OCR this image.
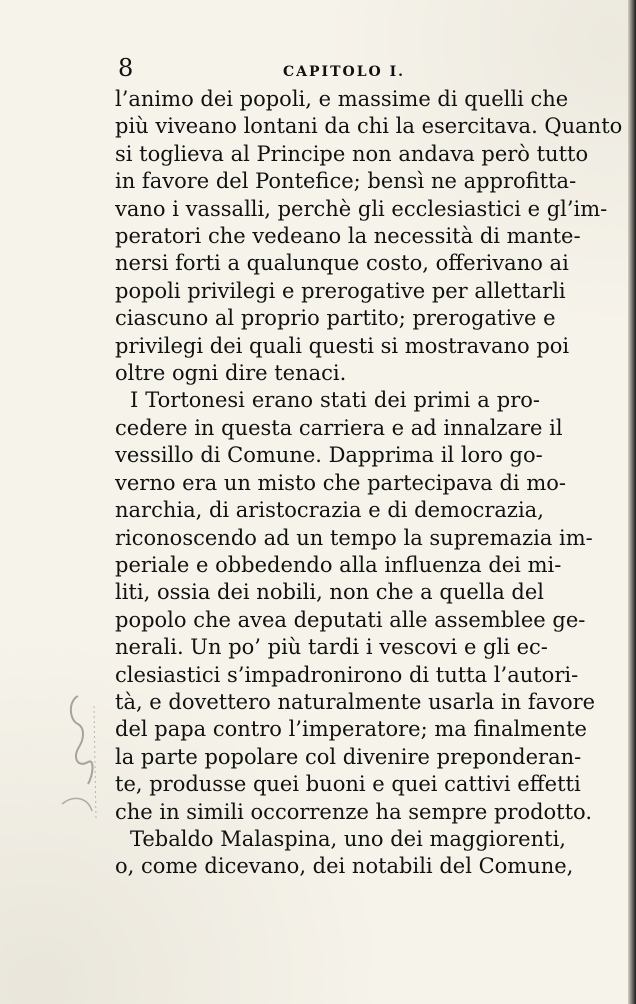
8	CAPITOLO I.
l’animo dei popoli, e massime di quelli che
più viveano lontani da chi la esercitava. Quanto
si toglieva al Principe non andava però tutto
in favore del Pontefice; bensì ne approfitta-
vano i vassalli, perchè gli ecclesiastici e gl’im-
peratori che vedeano la necessità di mante-
nersi forti a qualunque costo, offerivano ai
popoli privilegi e prerogative per allettarli
ciascuno al proprio partito; prerogative e
privilegi dei quali questi si mostravano poi
oltre ogni dire tenaci.
I Tortonesi erano stati dei primi a pro-
cedere in questa carriera e ad innalzare il
vessillo di Comune. Dapprima il loro go-
verno era un misto che partecipava di mo-
narchia, di aristocrazia e di democrazia,
riconoscendo ad un tempo la supremazia im-
periale e obbedendo alla influenza dei mi-
liti, ossia dei nobili, non che a quella del
popolo che avea deputati alle assemblee ge-
nerali. Un po’ più tardi i vescovi e gli ec-
clesiastici s’impadronirono di tutta l’autori-
tà, e dovettero naturalmente usarla in favore
del papa contro l’imperatore; ma finalmente
la parte popolare col divenire preponderan-
te, produsse quei buoni e quei cattivi effetti
che in simili occorrenze ha sempre prodotto.
Tebaldo Malaspina, uno dei maggiorenti,
o, come dicevano, dei notabili del Comune,
